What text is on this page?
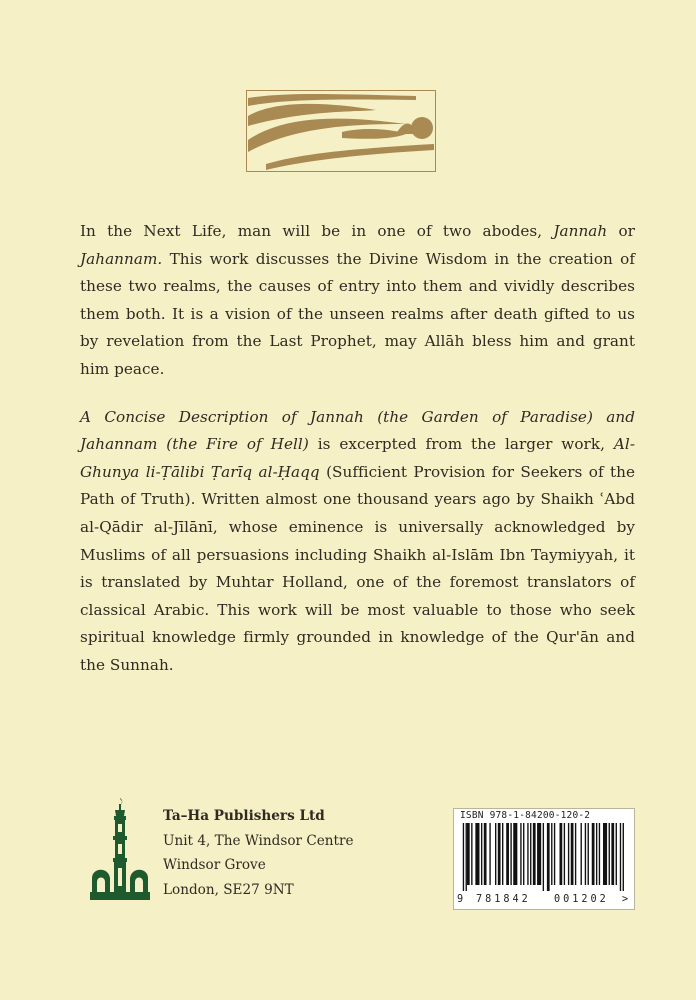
In the Next Life, man will be in one of two abodes, Jannah or Jahannam. This work discusses the Divine Wisdom in the creation of these two realms, the causes of entry into them and vividly describes them both. It is a vision of the unseen realms after death gifted to us by revelation from the Last Prophet, may Allāh bless him and grant him peace.

A Concise Description of Jannah (the Garden of Paradise) and Jahannam (the Fire of Hell) is excerpted from the larger work, Al-Ghunya li-Ṭālibi Ṭarīq al-Ḥaqq (Sufficient Provision for Seekers of the Path of Truth). Written almost one thousand years ago by Shaikh ʿAbd al-Qādir al-Jīlānī, whose eminence is universally acknowledged by Muslims of all persuasions including Shaikh al-Islām Ibn Taymiyyah, it is translated by Muhtar Holland, one of the foremost translators of classical Arabic. This work will be most valuable to those who seek spiritual knowledge firmly grounded in knowledge of the Qur'ān and the Sunnah.

Ta–Ha Publishers Ltd
Unit 4, The Windsor Centre
Windsor Grove
London, SE27 9NT
ISBN 978-1-84200-120-2
9 781842 001202 >
